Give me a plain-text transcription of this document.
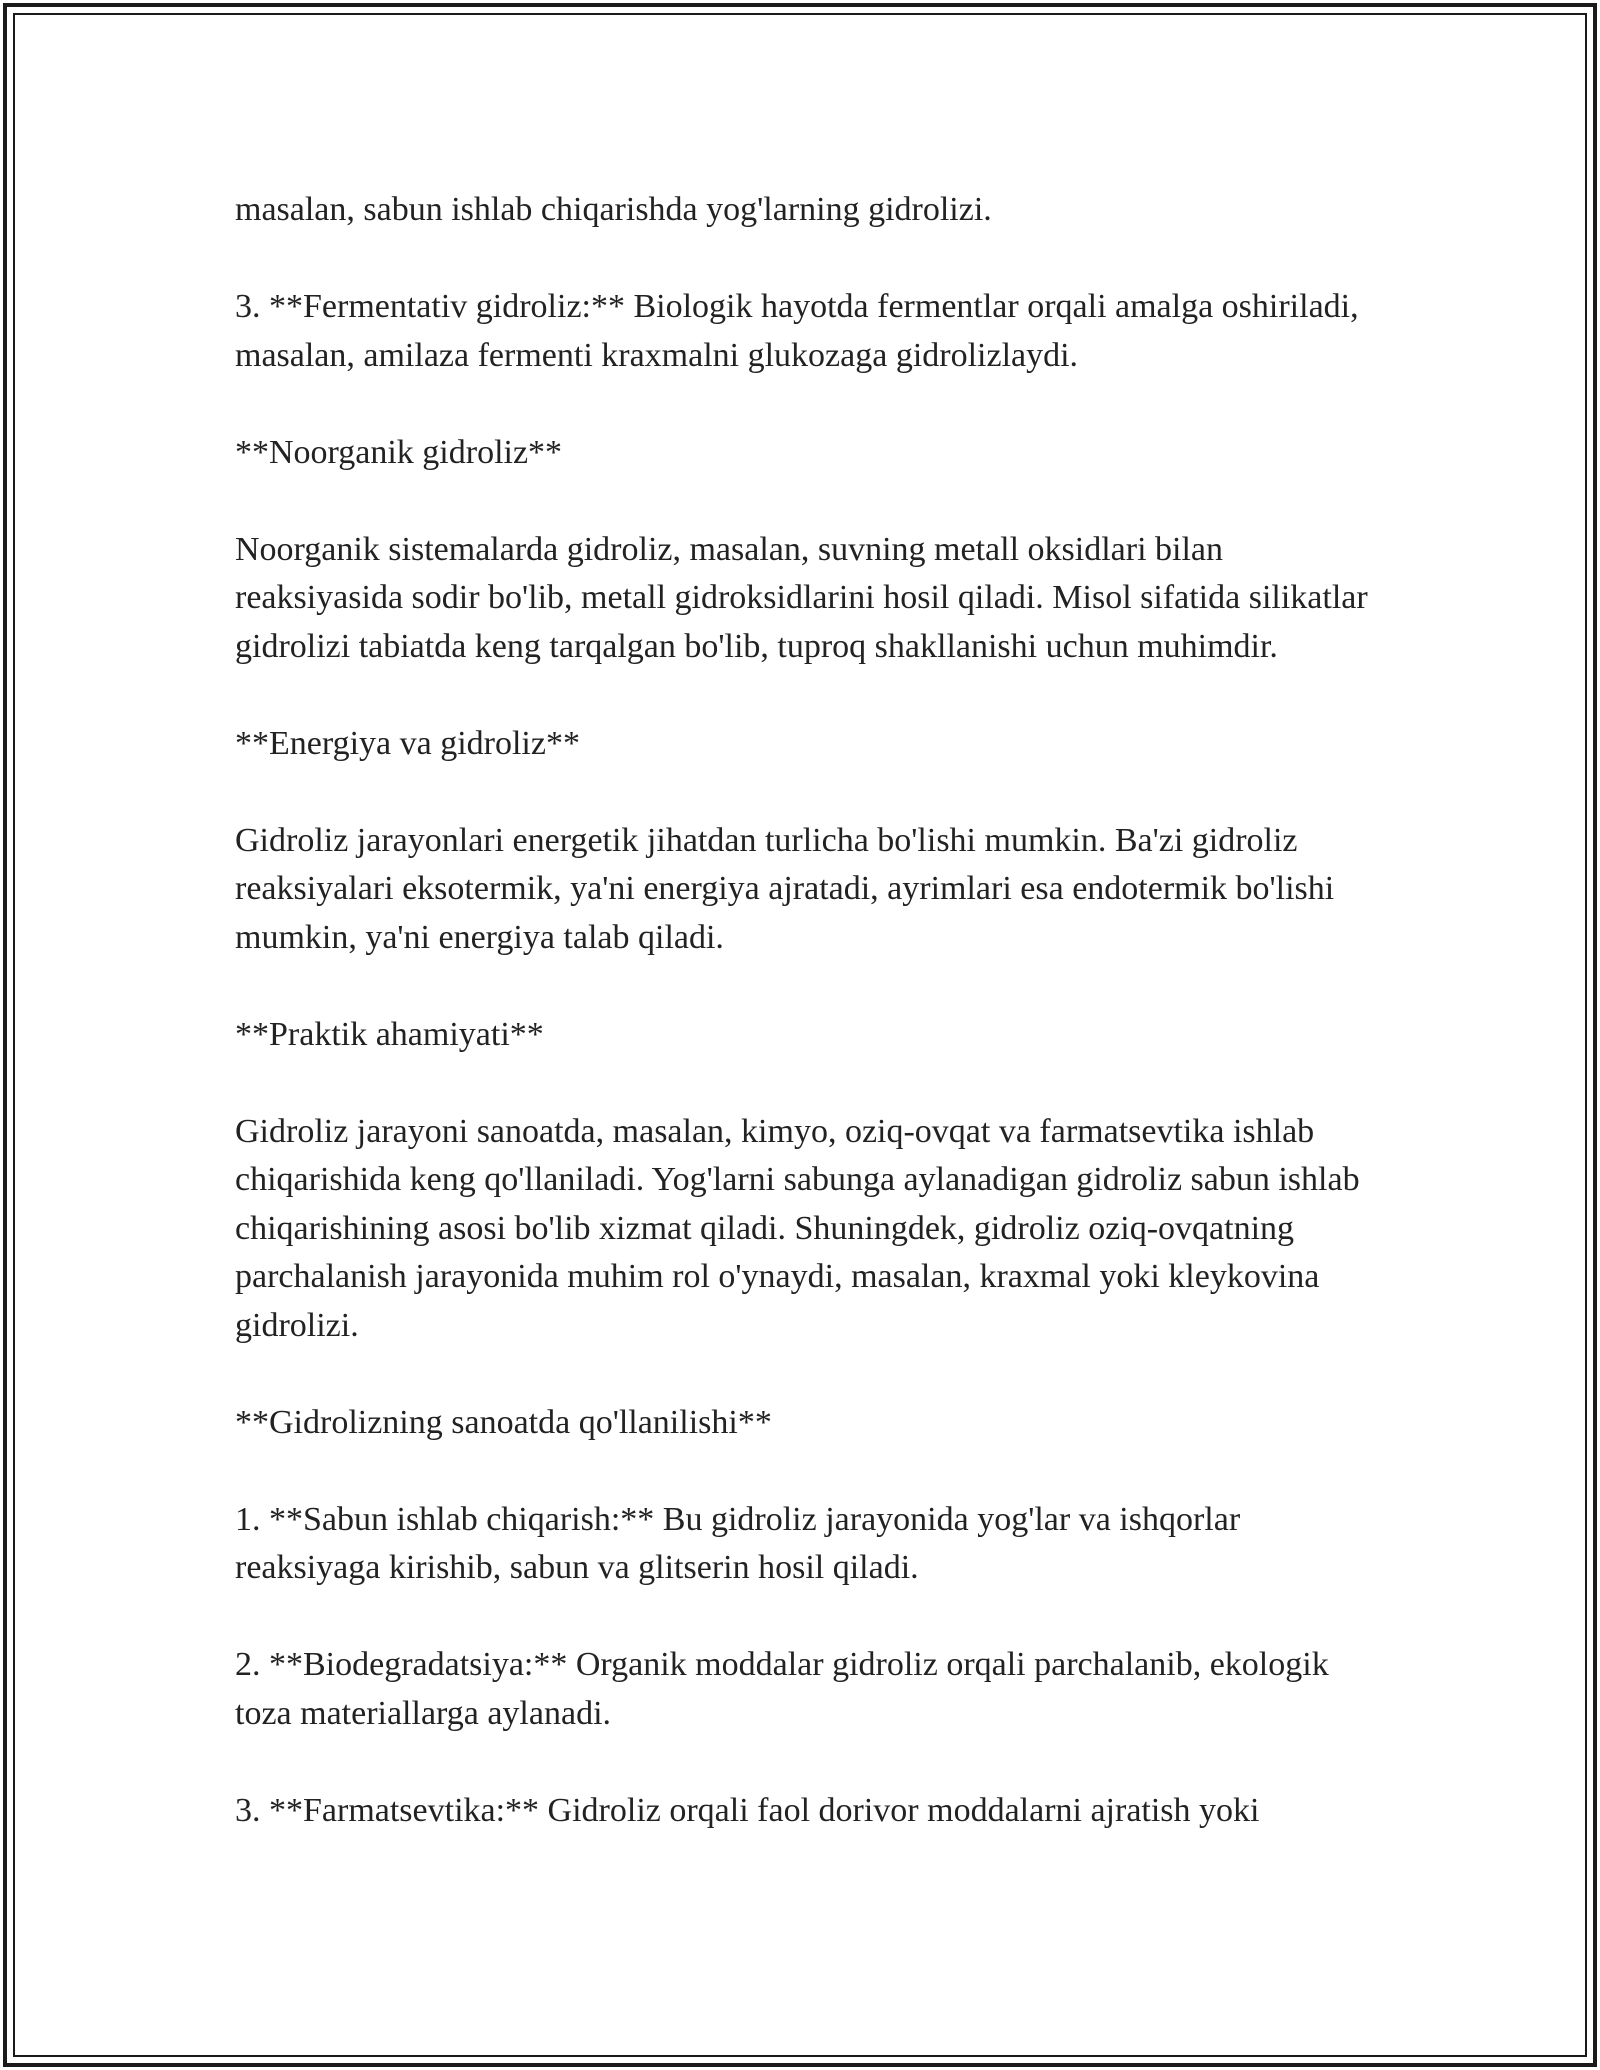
masalan, sabun ishlab chiqarishda yog'larning gidrolizi.

3. **Fermentativ gidroliz:** Biologik hayotda fermentlar orqali amalga oshiriladi, masalan, amilaza fermenti kraxmalni glukozaga gidrolizlaydi.

**Noorganik gidroliz**

Noorganik sistemalarda gidroliz, masalan, suvning metall oksidlari bilan reaksiyasida sodir bo'lib, metall gidroksidlarini hosil qiladi. Misol sifatida silikatlar gidrolizi tabiatda keng tarqalgan bo'lib, tuproq shakllanishi uchun muhimdir.

**Energiya va gidroliz**

Gidroliz jarayonlari energetik jihatdan turlicha bo'lishi mumkin. Ba'zi gidroliz reaksiyalari eksotermik, ya'ni energiya ajratadi, ayrimlari esa endotermik bo'lishi mumkin, ya'ni energiya talab qiladi.

**Praktik ahamiyati**

Gidroliz jarayoni sanoatda, masalan, kimyo, oziq-ovqat va farmatsevtika ishlab chiqarishida keng qo'llaniladi. Yog'larni sabunga aylanadigan gidroliz sabun ishlab chiqarishining asosi bo'lib xizmat qiladi. Shuningdek, gidroliz oziq-ovqatning parchalanish jarayonida muhim rol o'ynaydi, masalan, kraxmal yoki kleykovina gidrolizi.

**Gidrolizning sanoatda qo'llanilishi**

1. **Sabun ishlab chiqarish:** Bu gidroliz jarayonida yog'lar va ishqorlar reaksiyaga kirishib, sabun va glitserin hosil qiladi.

2. **Biodegradatsiya:** Organik moddalar gidroliz orqali parchalanib, ekologik toza materiallarga aylanadi.

3. **Farmatsevtika:** Gidroliz orqali faol dorivor moddalarni ajratish yoki
